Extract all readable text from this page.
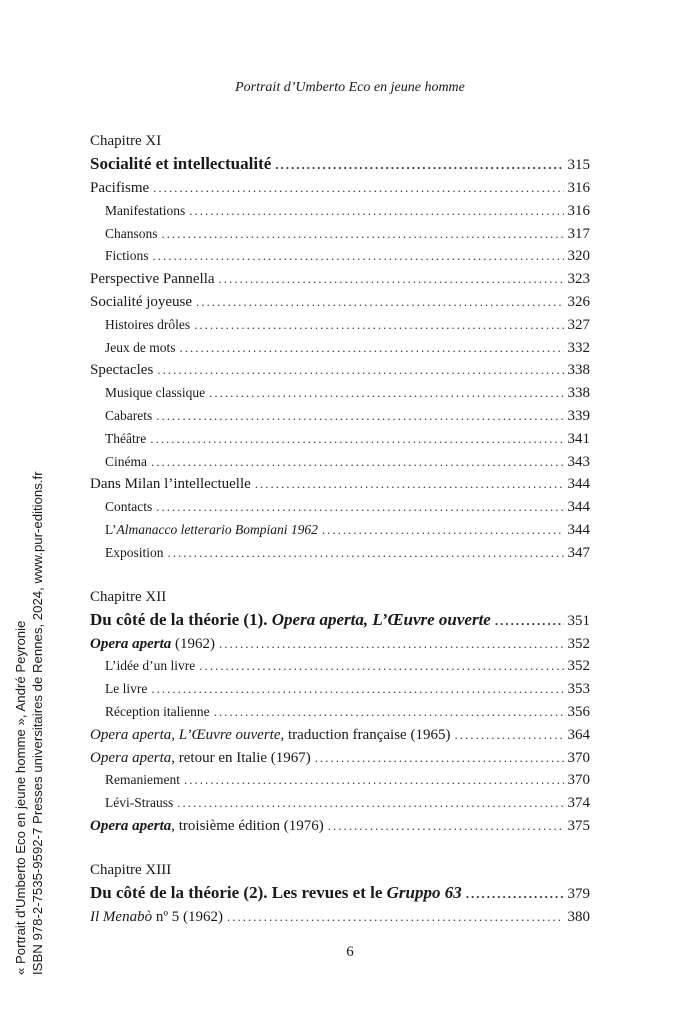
Portrait d’Umberto Eco en jeune homme
« Portrait d'Umberto Eco en jeune homme », André Peyronie ISBN 978-2-7535-9592-7 Presses universitaires de Rennes, 2024, www.pur-editions.fr
Chapitre XI
Socialité et intellectualité .....	315
Pacifisme .....	316
Manifestations .....	316
Chansons .....	317
Fictions .....	320
Perspective Pannella .....	323
Socialité joyeuse .....	326
Histoires drôles .....	327
Jeux de mots .....	332
Spectacles .....	338
Musique classique .....	338
Cabarets .....	339
Théâtre .....	341
Cinéma .....	343
Dans Milan l’intellectuelle .....	344
Contacts .....	344
L’Almanacco letterario Bompiani 1962 .....	344
Exposition .....	347
Chapitre XII
Du côté de la théorie (1). Opera aperta, L’Œuvre ouverte .....	351
Opera aperta (1962) .....	352
L’idée d’un livre .....	352
Le livre .....	353
Réception italienne .....	356
Opera aperta, L’Œuvre ouverte, traduction française (1965) .....	364
Opera aperta, retour en Italie (1967) .....	370
Remaniement .....	370
Lévi-Strauss .....	374
Opera aperta, troisième édition (1976) .....	375
Chapitre XIII
Du côté de la théorie (2). Les revues et le Gruppo 63 .....	379
Il Menabò nº 5 (1962) .....	380
6
